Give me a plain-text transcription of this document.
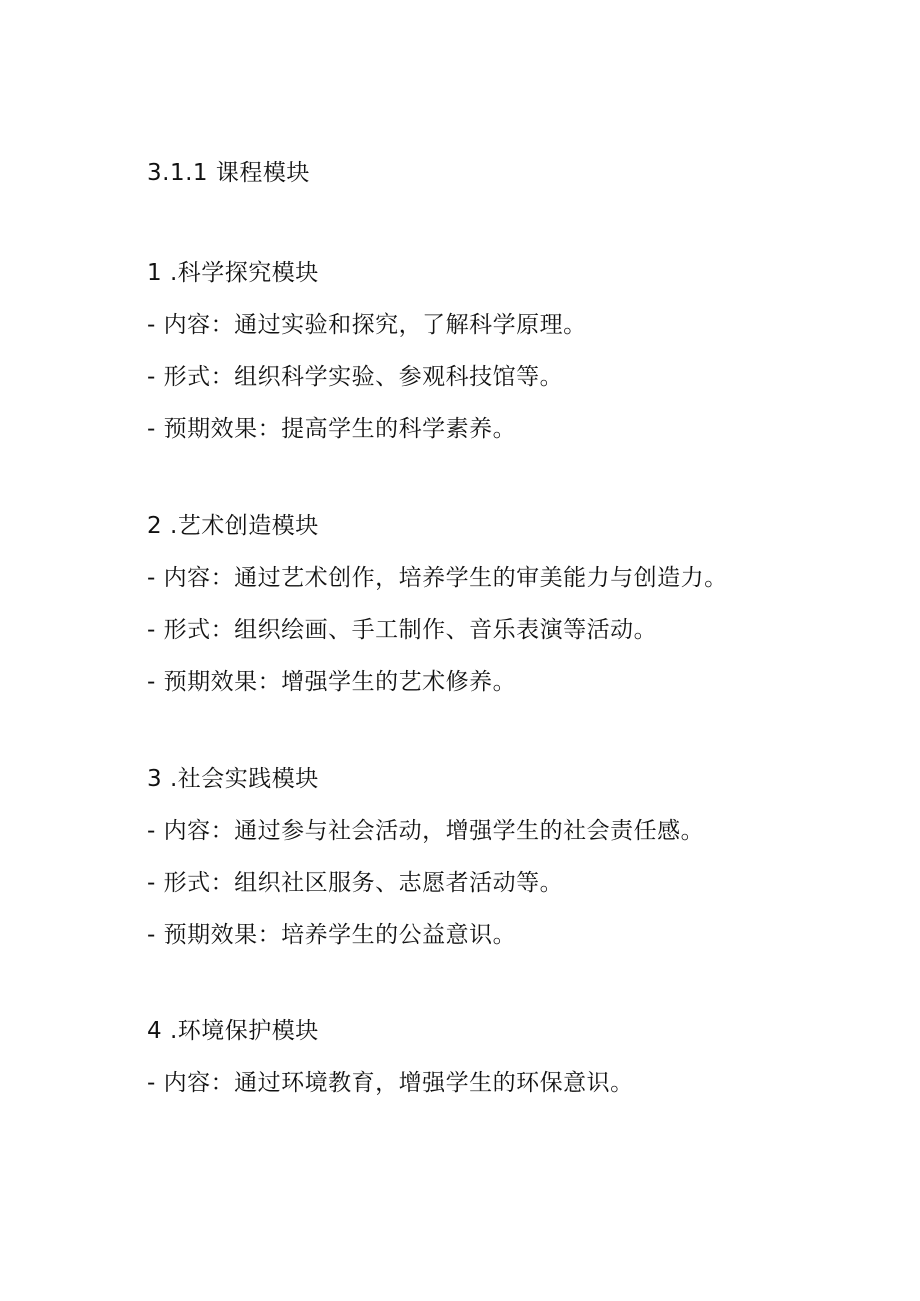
3.1.1 课程模块
1 .科学探究模块
- 内容：通过实验和探究，了解科学原理。
- 形式：组织科学实验、参观科技馆等。
- 预期效果：提高学生的科学素养。
2 .艺术创造模块
- 内容：通过艺术创作，培养学生的审美能力与创造力。
- 形式：组织绘画、手工制作、音乐表演等活动。
- 预期效果：增强学生的艺术修养。
3 .社会实践模块
- 内容：通过参与社会活动，增强学生的社会责任感。
- 形式：组织社区服务、志愿者活动等。
- 预期效果：培养学生的公益意识。
4 .环境保护模块
- 内容：通过环境教育，增强学生的环保意识。
